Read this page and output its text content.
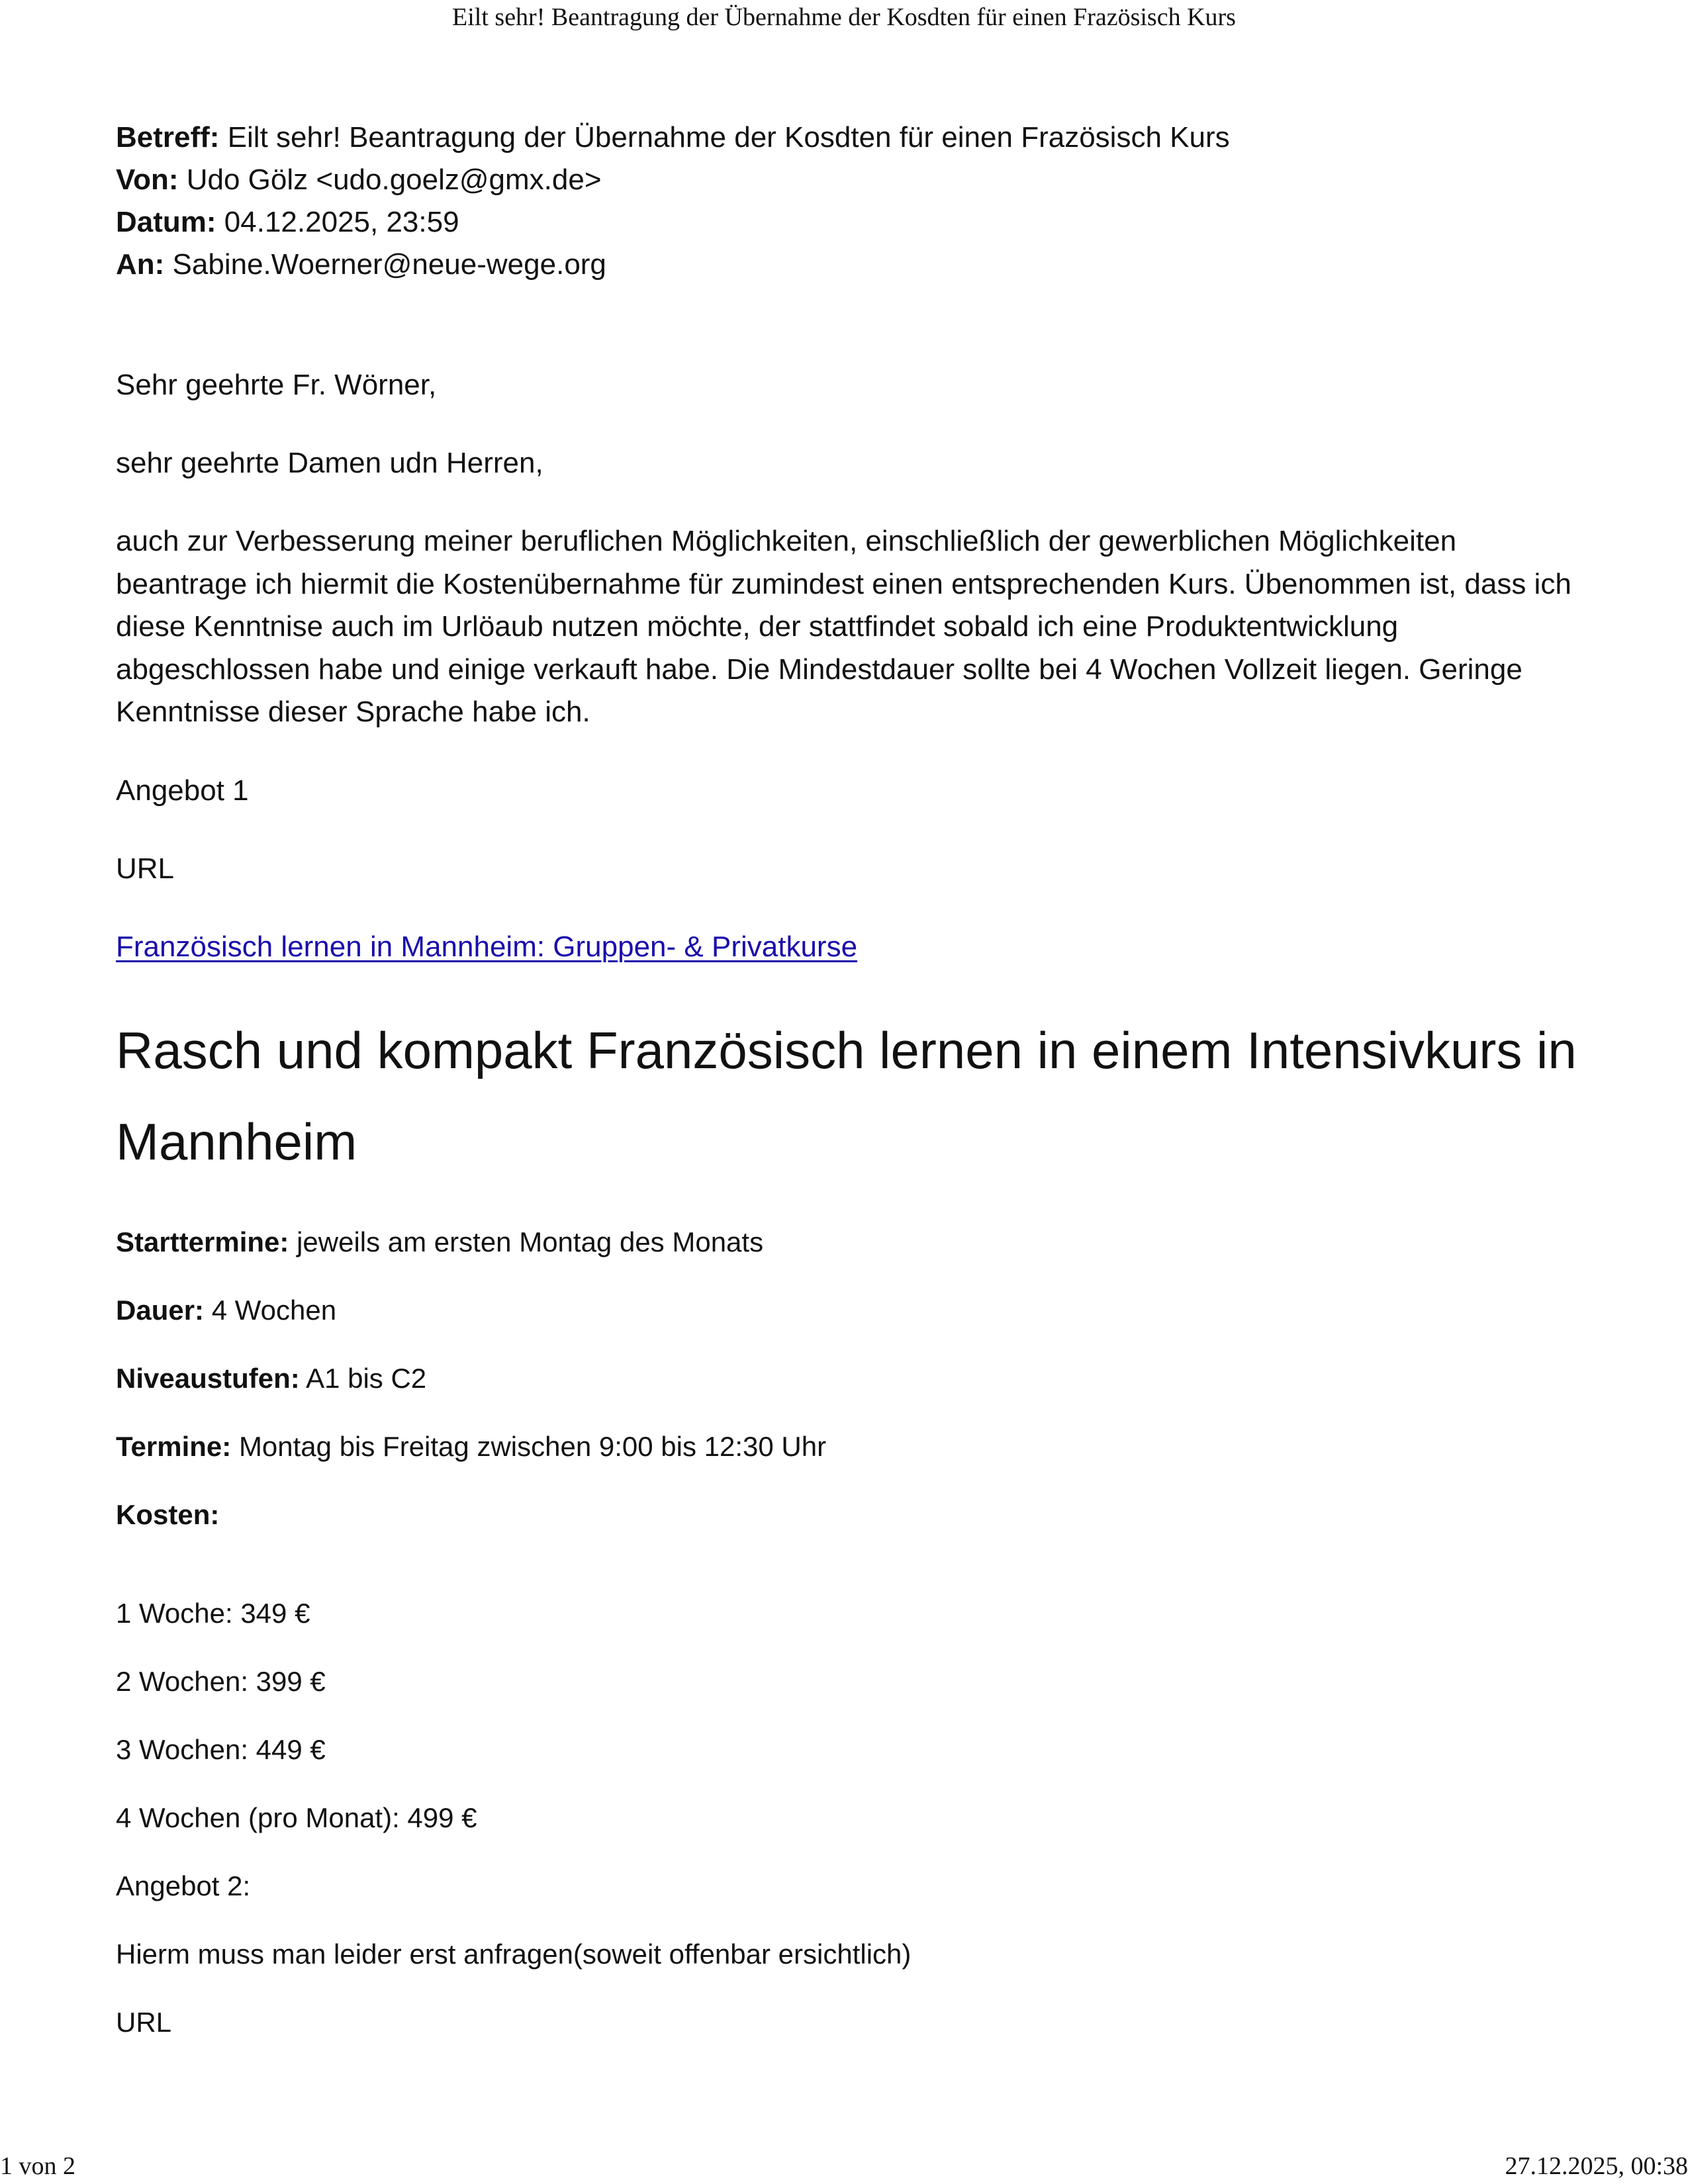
Eilt sehr! Beantragung der Übernahme der Kosdten für einen Frazösisch Kurs
Betreff: Eilt sehr! Beantragung der Übernahme der Kosdten für einen Frazösisch Kurs
Von: Udo Gölz <udo.goelz@gmx.de>
Datum: 04.12.2025, 23:59
An: Sabine.Woerner@neue-wege.org
Sehr geehrte Fr. Wörner,
sehr geehrte Damen udn Herren,
auch zur Verbesserung meiner beruflichen Möglichkeiten, einschließlich der gewerblichen Möglichkeiten beantrage ich hiermit die Kostenübernahme für zumindest einen entsprechenden Kurs. Übenommen ist, dass ich diese Kenntnise auch im Urlöaub nutzen möchte, der stattfindet sobald ich eine Produktentwicklung abgeschlossen habe und einige verkauft habe. Die Mindestdauer sollte bei 4 Wochen Vollzeit liegen. Geringe Kenntnisse dieser Sprache habe ich.
Angebot 1
URL
Französisch lernen in Mannheim: Gruppen- & Privatkurse
Rasch und kompakt Französisch lernen in einem Intensivkurs in Mannheim
Starttermine: jeweils am ersten Montag des Monats
Dauer: 4 Wochen
Niveaustufen: A1 bis C2
Termine: Montag bis Freitag zwischen 9:00 bis 12:30 Uhr
Kosten:
1 Woche: 349 €
2 Wochen: 399 €
3 Wochen: 449 €
4 Wochen (pro Monat): 499 €
Angebot 2:
Hierm muss man leider erst anfragen(soweit offenbar ersichtlich)
URL
1 von 2	27.12.2025, 00:38
